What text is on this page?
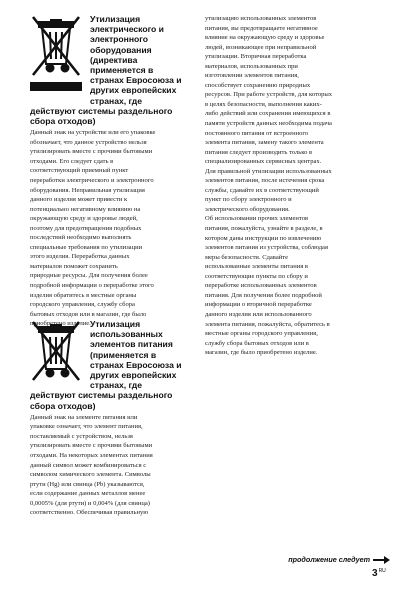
Утилизация
электрического и
электронного
оборудования
(директива
применяется в
странах Евросоюза и
других европейских
странах, где
действуют системы раздельного
сбора отходов)
Данный знак на устройстве или его упаковке
обозначает, что данное устройство нельзя
утилизировать вместе с прочими бытовыми
отходами. Его следует сдать в
соответствующий приемный пункт
переработки электрического и электронного
оборудования. Неправильная утилизация
данного изделия может привести к
потенциально негативному влиянию на
окружающую среду и здоровье людей,
поэтому для предотвращения подобных
последствий необходимо выполнять
специальные требования по утилизации
этого изделия. Переработка данных
материалов поможет сохранить
природные ресурсы. Для получения более
подробной информации о переработке этого
изделия обратитесь в местные органы
городского управления, службу сбора
бытовых отходов или в магазин, где было
приобретено изделие. Утилизация
использованных
элементов питания
(применяется в
странах Евросоюза и
других европейских
странах, где
действуют системы раздельного
сбора отходов)
Данный знак на элементе питания или
упаковке означает, что элемент питания,
поставляемый с устройством, нельзя
утилизировать вместе с прочими бытовыми
отходами. На некоторых элементах питания
данный символ может комбинироваться с
символом химического элемента. Символы
ртути (Hg) или свинца (Pb) указываются,
если содержание данных металлов менее
0,0005% (для ртути) и 0,004% (для свинца)
соответственно. Обеспечивая правильную
утилизацию использованных элементов
питания, вы предотвращаете негативное
влияние на окружающую среду и здоровье
людей, возникающее при неправильной
утилизации. Вторичная переработка
материалов, использованных при
изготовлении элементов питания,
способствует сохранению природных
ресурсов. При работе устройств, для которых
в целях безопасности, выполнения каких-
либо действий или сохранения имеющихся в
памяти устройств данных необходима подача
постоянного питания от встроенного
элемента питания, замену такого элемента
питания следует производить только в
специализированных сервисных центрах.
Для правильной утилизации использованных
элементов питания, после истечения срока
службы, сдавайте их в соответствующий
пункт по сбору электронного и
электрического оборудования.
Об использовании прочих элементов
питания, пожалуйста, узнайте в разделе, в
котором даны инструкции по извлечению
элементов питания из устройства, соблюдая
меры безопасности. Сдавайте
использованные элементы питания в
соответствующие пункты по сбору и
переработке использованных элементов
питания. Для получения более подробной
информации о вторичной переработке
данного изделия или использованного
элемента питания, пожалуйста, обратитесь в
местные органы городского управления,
службу сбора бытовых отходов или в
магазин, где было приобретено изделие.
продолжение следует
$3^{RU}$
